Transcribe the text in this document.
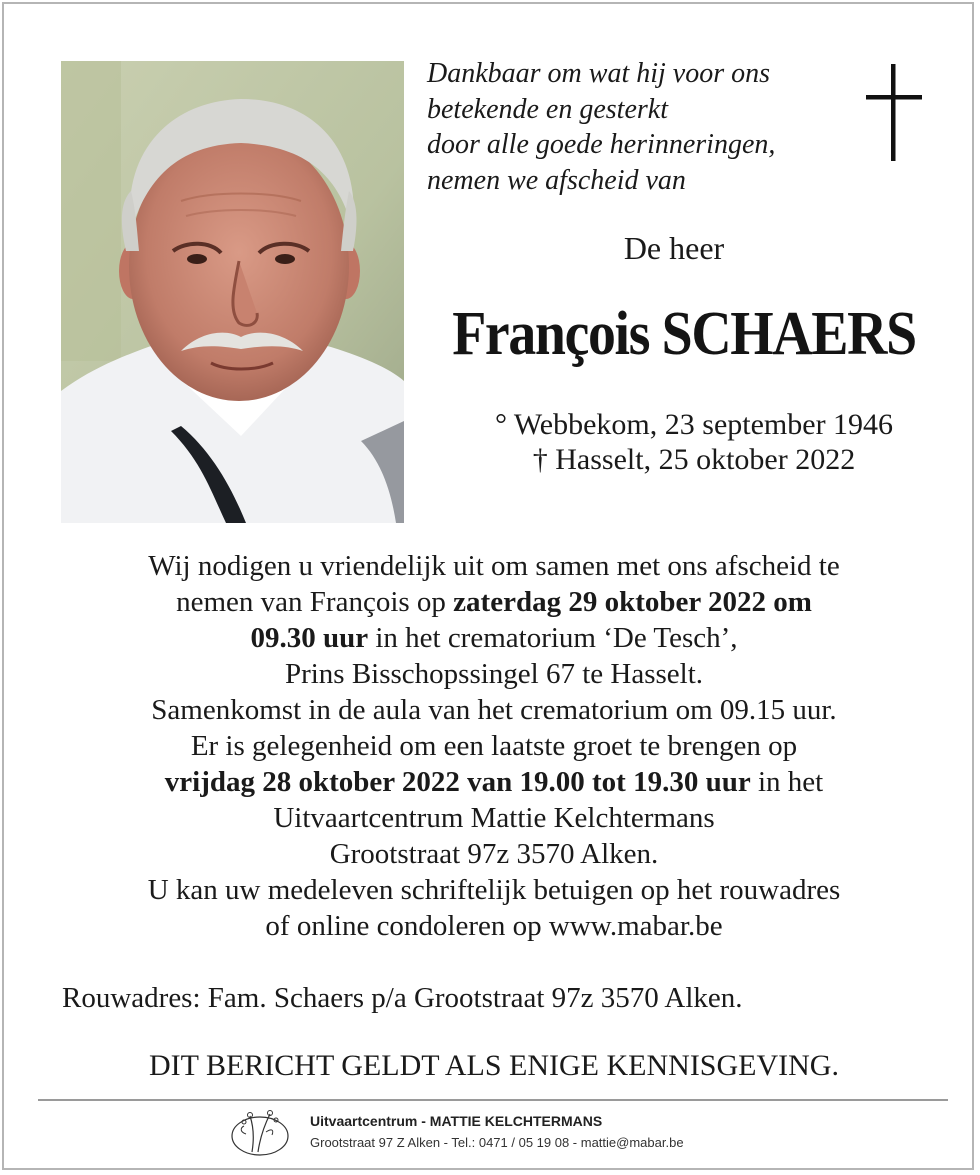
Dankbaar om wat hij voor ons
betekende en gesterkt
door alle goede herinneringen,
nemen we afscheid van
De heer
François SCHAERS
° Webbekom, 23 september 1946
† Hasselt, 25 oktober 2022
Wij nodigen u vriendelijk uit om samen met ons afscheid te
nemen van François op zaterdag 29 oktober 2022 om
09.30 uur in het crematorium ‘De Tesch’,
Prins Bisschopssingel 67 te Hasselt.
Samenkomst in de aula van het crematorium om 09.15 uur.
Er is gelegenheid om een laatste groet te brengen op
vrijdag 28 oktober 2022 van 19.00 tot 19.30 uur in het
Uitvaartcentrum Mattie Kelchtermans
Grootstraat 97z 3570 Alken.
U kan uw medeleven schriftelijk betuigen op het rouwadres
of online condoleren op www.mabar.be
Rouwadres: Fam. Schaers p/a Grootstraat 97z 3570 Alken.
DIT BERICHT GELDT ALS ENIGE KENNISGEVING.
Uitvaartcentrum - MATTIE KELCHTERMANS
Grootstraat 97 Z Alken - Tel.: 0471 / 05 19 08 - mattie@mabar.be
